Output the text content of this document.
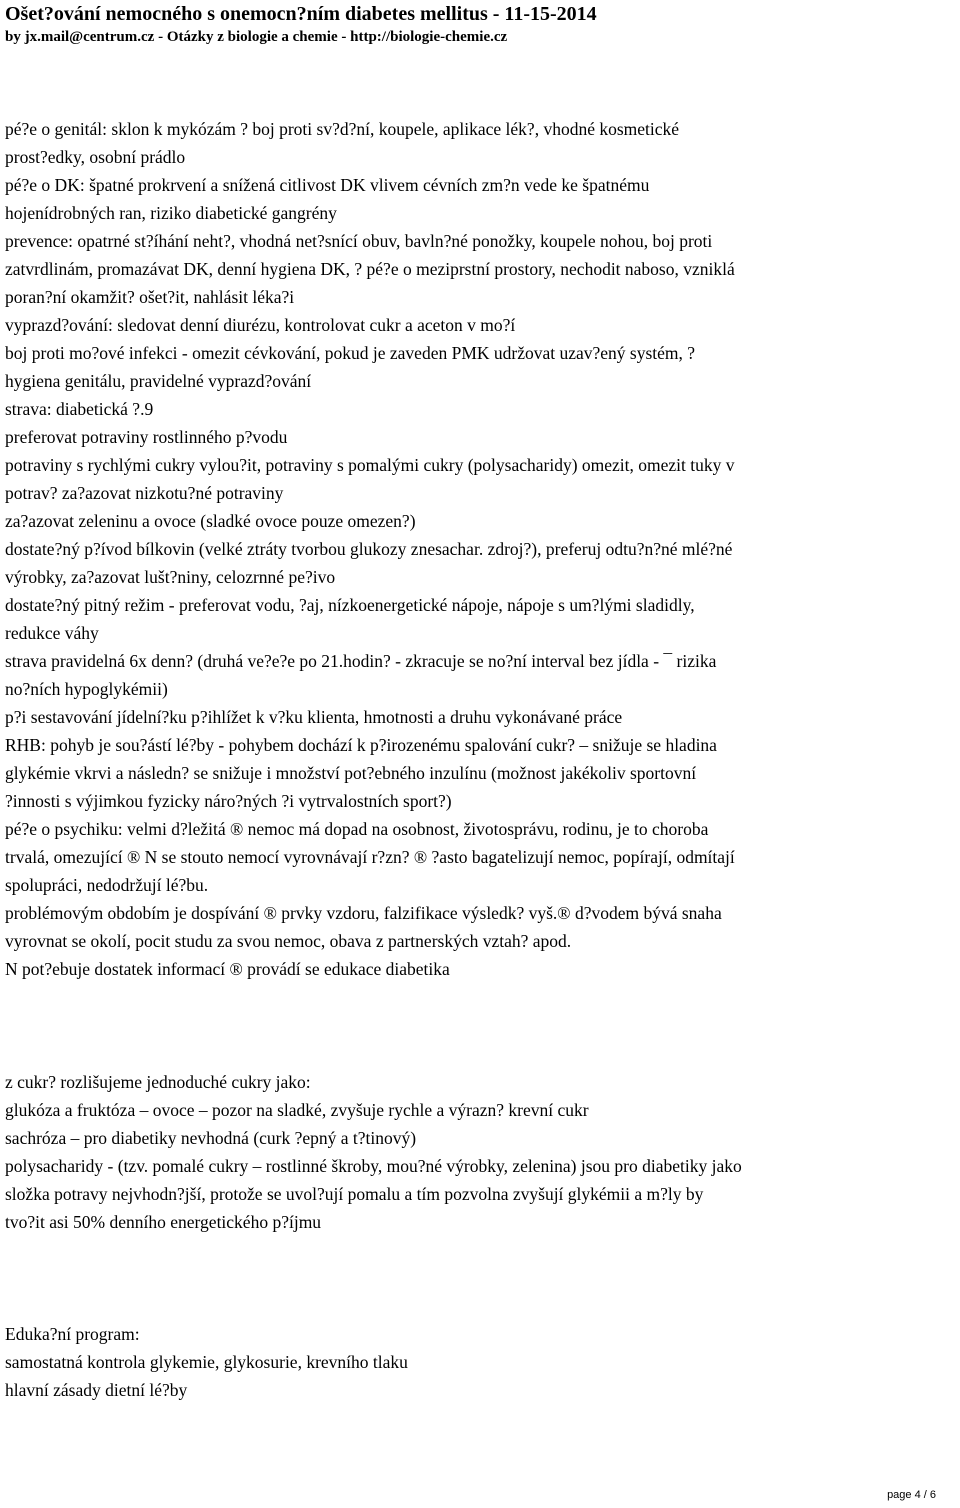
Ošet?ování nemocného s onemocn?ním diabetes mellitus - 11-15-2014
by jx.mail@centrum.cz - Otázky z biologie a chemie - http://biologie-chemie.cz
pé?e o genitál: sklon k mykózám ? boj proti sv?d?ní, koupele, aplikace lék?, vhodné kosmetické
prost?edky, osobní prádlo
pé?e o DK: špatné prokrvení a snížená citlivost DK vlivem cévních zm?n vede ke špatnému
hojenídrobných ran, riziko diabetické gangrény
prevence: opatrné st?íhání neht?, vhodná net?snící obuv, bavln?né ponožky, koupele nohou, boj proti
zatvrdlinám, promazávat DK, denní hygiena DK, ? pé?e o meziprstní prostory, nechodit naboso, vzniklá
poran?ní okamžit? ošet?it, nahlásit léka?i
vyprazd?ování: sledovat denní diurézu, kontrolovat cukr a aceton v mo?í
boj proti mo?ové infekci - omezit cévkování, pokud je zaveden PMK udržovat uzav?ený systém, ?
hygiena genitálu, pravidelné vyprazd?ování
strava: diabetická ?.9
preferovat potraviny rostlinného p?vodu
potraviny s rychlými cukry vylou?it, potraviny s pomalými cukry (polysacharidy) omezit, omezit tuky v
potrav? za?azovat nizkotu?né potraviny
za?azovat zeleninu a ovoce (sladké ovoce pouze omezen?)
dostate?ný p?ívod bílkovin (velké ztráty tvorbou glukozy znesachar. zdroj?), preferuj odtu?n?né mlé?né
výrobky, za?azovat lušt?niny, celozrnné pe?ivo
dostate?ný pitný režim - preferovat vodu, ?aj, nízkoenergetické nápoje, nápoje s um?lými sladidly,
redukce váhy
strava pravidelná 6x denn? (druhá ve?e?e po 21.hodin? - zkracuje se no?ní interval bez jídla - ¯ rizika
no?ních hypoglykémii)
p?i sestavování jídelní?ku p?ihlížet k v?ku klienta, hmotnosti a druhu vykonávané práce
RHB: pohyb je sou?ástí lé?by - pohybem dochází k p?irozenému spalování cukr? – snižuje se hladina
glykémie vkrvi a následn? se snižuje i množství pot?ebného inzulínu (možnost jakékoliv sportovní
?innosti s výjimkou fyzicky náro?ných ?i vytrvalostních sport?)
pé?e o psychiku: velmi d?ležitá ® nemoc má dopad na osobnost, životosprávu, rodinu, je to choroba
trvalá, omezující ® N se stouto nemocí vyrovnávají r?zn? ® ?asto bagatelizují nemoc, popírají, odmítají
spolupráci, nedodržují lé?bu.
problémovým obdobím je dospívání ® prvky vzdoru, falzifikace výsledk? vyš.® d?vodem bývá snaha
vyrovnat se okolí, pocit studu za svou nemoc, obava z partnerských vztah? apod.
N pot?ebuje dostatek informací ® provádí se edukace diabetika
z cukr? rozlišujeme jednoduché cukry jako:
glukóza a fruktóza – ovoce – pozor na sladké, zvyšuje rychle a výrazn? krevní cukr
sachróza – pro diabetiky nevhodná (curk ?epný a t?tinový)
polysacharidy - (tzv. pomalé cukry – rostlinné škroby, mou?né výrobky, zelenina) jsou pro diabetiky jako
složka potravy nejvhodn?jší, protože se uvol?ují pomalu a tím pozvolna zvyšují glykémii a m?ly by
tvo?it asi 50% denního energetického p?íjmu
Eduka?ní program:
samostatná kontrola glykemie, glykosurie, krevního tlaku
hlavní zásady dietní lé?by
page 4 / 6
